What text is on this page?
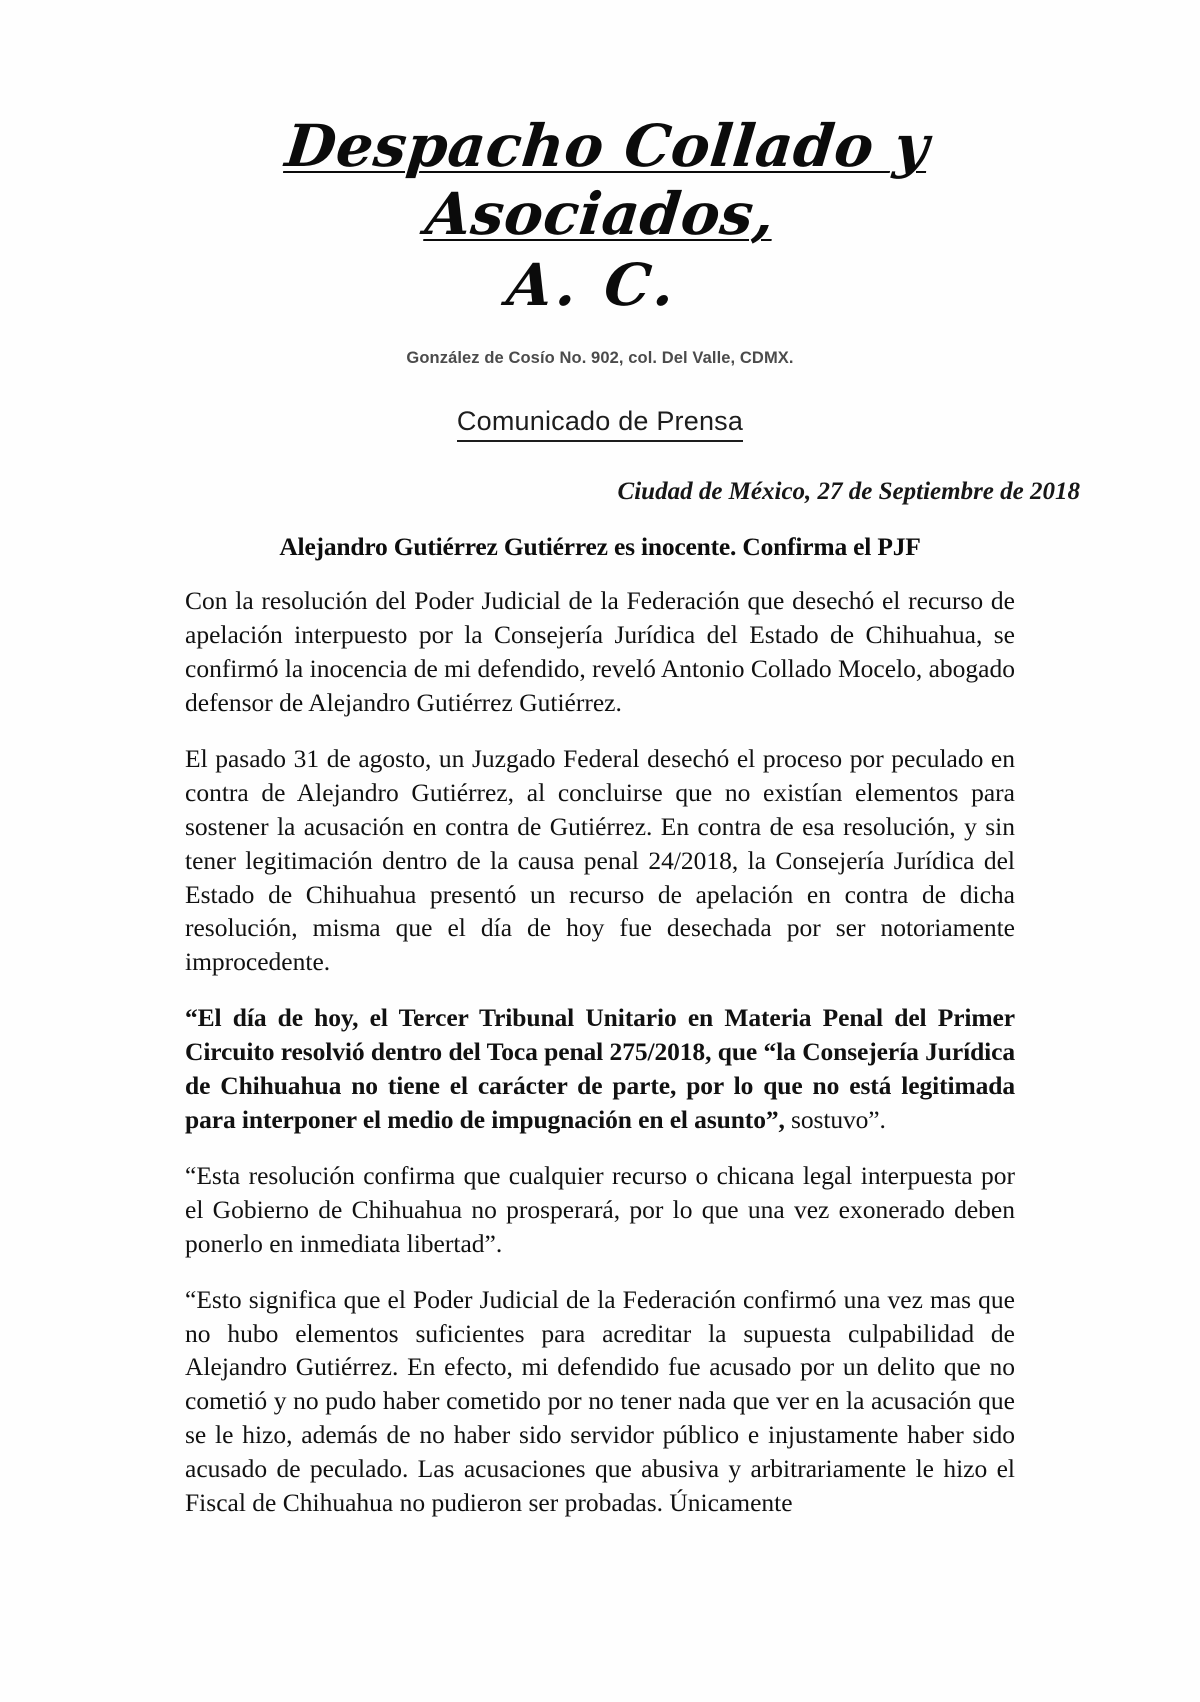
Despacho Collado y Asociados,
A. C.
González de Cosío No. 902, col. Del Valle, CDMX.
Comunicado de Prensa
Ciudad de México, 27 de Septiembre de 2018
Alejandro Gutiérrez Gutiérrez es inocente. Confirma el PJF

Con la resolución del Poder Judicial de la Federación que desechó el recurso de apelación interpuesto por la Consejería Jurídica del Estado de Chihuahua, se confirmó la inocencia de mi defendido, reveló Antonio Collado Mocelo, abogado defensor de Alejandro Gutiérrez Gutiérrez.

El pasado 31 de agosto, un Juzgado Federal desechó el proceso por peculado en contra de Alejandro Gutiérrez, al concluirse que no existían elementos para sostener la acusación en contra de Gutiérrez. En contra de esa resolución, y sin tener legitimación dentro de la causa penal 24/2018, la Consejería Jurídica del Estado de Chihuahua presentó un recurso de apelación en contra de dicha resolución, misma que el día de hoy fue desechada por ser notoriamente improcedente.

“El día de hoy, el Tercer Tribunal Unitario en Materia Penal del Primer Circuito resolvió dentro del Toca penal 275/2018, que “la Consejería Jurídica de Chihuahua no tiene el carácter de parte, por lo que no está legitimada para interponer el medio de impugnación en el asunto”, sostuvo”.

“Esta resolución confirma que cualquier recurso o chicana legal interpuesta por el Gobierno de Chihuahua no prosperará, por lo que una vez exonerado deben ponerlo en inmediata libertad”.

“Esto significa que el Poder Judicial de la Federación confirmó una vez mas que no hubo elementos suficientes para acreditar la supuesta culpabilidad de Alejandro Gutiérrez. En efecto, mi defendido fue acusado por un delito que no cometió y no pudo haber cometido por no tener nada que ver en la acusación que se le hizo, además de no haber sido servidor público e injustamente haber sido acusado de peculado. Las acusaciones que abusiva y arbitrariamente le hizo el Fiscal de Chihuahua no pudieron ser probadas. Únicamente
